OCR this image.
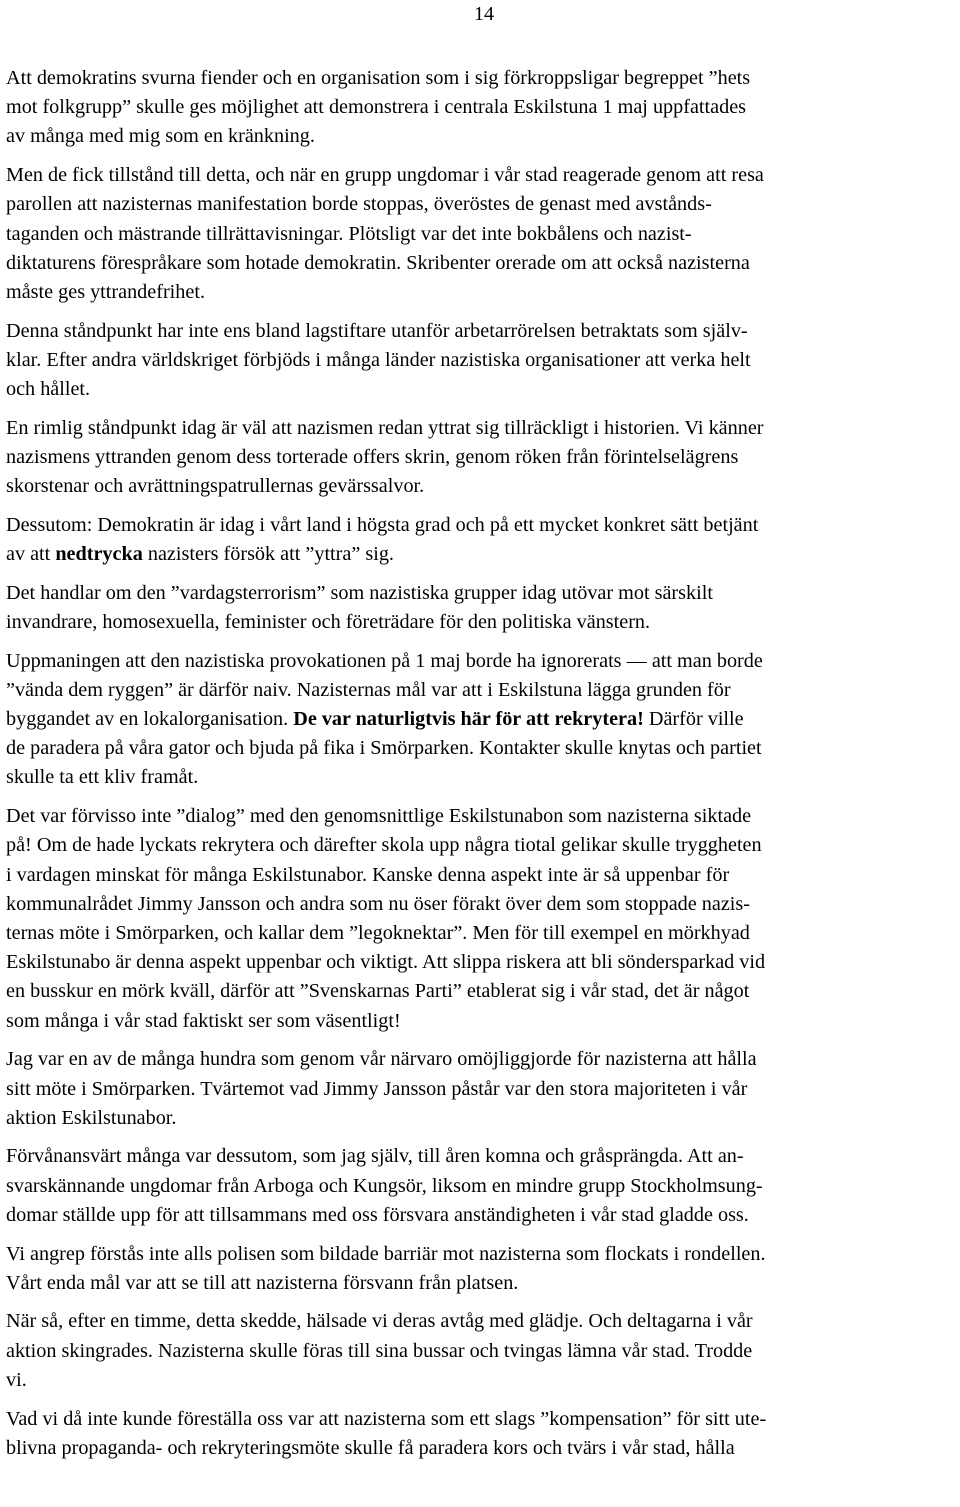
14

Att demokratins svurna fiender och en organisation som i sig förkroppsligar begreppet ”hets
mot folkgrupp” skulle ges möjlighet att demonstrera i centrala Eskilstuna 1 maj uppfattades
av många med mig som en kränkning.

Men de fick tillstånd till detta, och när en grupp ungdomar i vår stad reagerade genom att resa
parollen att nazisternas manifestation borde stoppas, överöstes de genast med avstånds-
taganden och mästrande tillrättavisningar. Plötsligt var det inte bokbålens och nazist-
diktaturens förespråkare som hotade demokratin. Skribenter orerade om att också nazisterna
måste ges yttrandefrihet.

Denna ståndpunkt har inte ens bland lagstiftare utanför arbetarrörelsen betraktats som själv-
klar. Efter andra världskriget förbjöds i många länder nazistiska organisationer att verka helt
och hållet.

En rimlig ståndpunkt idag är väl att nazismen redan yttrat sig tillräckligt i historien. Vi känner
nazismens yttranden genom dess torterade offers skrin, genom röken från förintelselägrens
skorstenar och avrättningspatrullernas gevärssalvor.

Dessutom: Demokratin är idag i vårt land i högsta grad och på ett mycket konkret sätt betjänt
av att nedtrycka nazisters försök att ”yttra” sig.

Det handlar om den ”vardagsterrorism” som nazistiska grupper idag utövar mot särskilt
invandrare, homosexuella, feminister och företrädare för den politiska vänstern.

Uppmaningen att den nazistiska provokationen på 1 maj borde ha ignorerats — att man borde
”vända dem ryggen” är därför naiv. Nazisternas mål var att i Eskilstuna lägga grunden för
byggandet av en lokalorganisation. De var naturligtvis här för att rekrytera! Därför ville
de paradera på våra gator och bjuda på fika i Smörparken. Kontakter skulle knytas och partiet
skulle ta ett kliv framåt.

Det var förvisso inte ”dialog” med den genomsnittlige Eskilstunabon som nazisterna siktade
på! Om de hade lyckats rekrytera och därefter skola upp några tiotal gelikar skulle tryggheten
i vardagen minskat för många Eskilstunabor. Kanske denna aspekt inte är så uppenbar för
kommunalrådet Jimmy Jansson och andra som nu öser förakt över dem som stoppade nazis-
ternas möte i Smörparken, och kallar dem ”legoknektar”. Men för till exempel en mörkhyad
Eskilstunabo är denna aspekt uppenbar och viktigt. Att slippa riskera att bli söndersparkad vid
en busskur en mörk kväll, därför att ”Svenskarnas Parti” etablerat sig i vår stad, det är något
som många i vår stad faktiskt ser som väsentligt!

Jag var en av de många hundra som genom vår närvaro omöjliggjorde för nazisterna att hålla
sitt möte i Smörparken. Tvärtemot vad Jimmy Jansson påstår var den stora majoriteten i vår
aktion Eskilstunabor.

Förvånansvärt många var dessutom, som jag själv, till åren komna och gråsprängda. Att an-
svarskännande ungdomar från Arboga och Kungsör, liksom en mindre grupp Stockholmsung-
domar ställde upp för att tillsammans med oss försvara anständigheten i vår stad gladde oss.

Vi angrep förstås inte alls polisen som bildade barriär mot nazisterna som flockats i rondellen.
Vårt enda mål var att se till att nazisterna försvann från platsen.

När så, efter en timme, detta skedde, hälsade vi deras avtåg med glädje. Och deltagarna i vår
aktion skingrades. Nazisterna skulle föras till sina bussar och tvingas lämna vår stad. Trodde
vi.

Vad vi då inte kunde föreställa oss var att nazisterna som ett slags ”kompensation” för sitt ute-
blivna propaganda- och rekryteringsmöte skulle få paradera kors och tvärs i vår stad, hålla
